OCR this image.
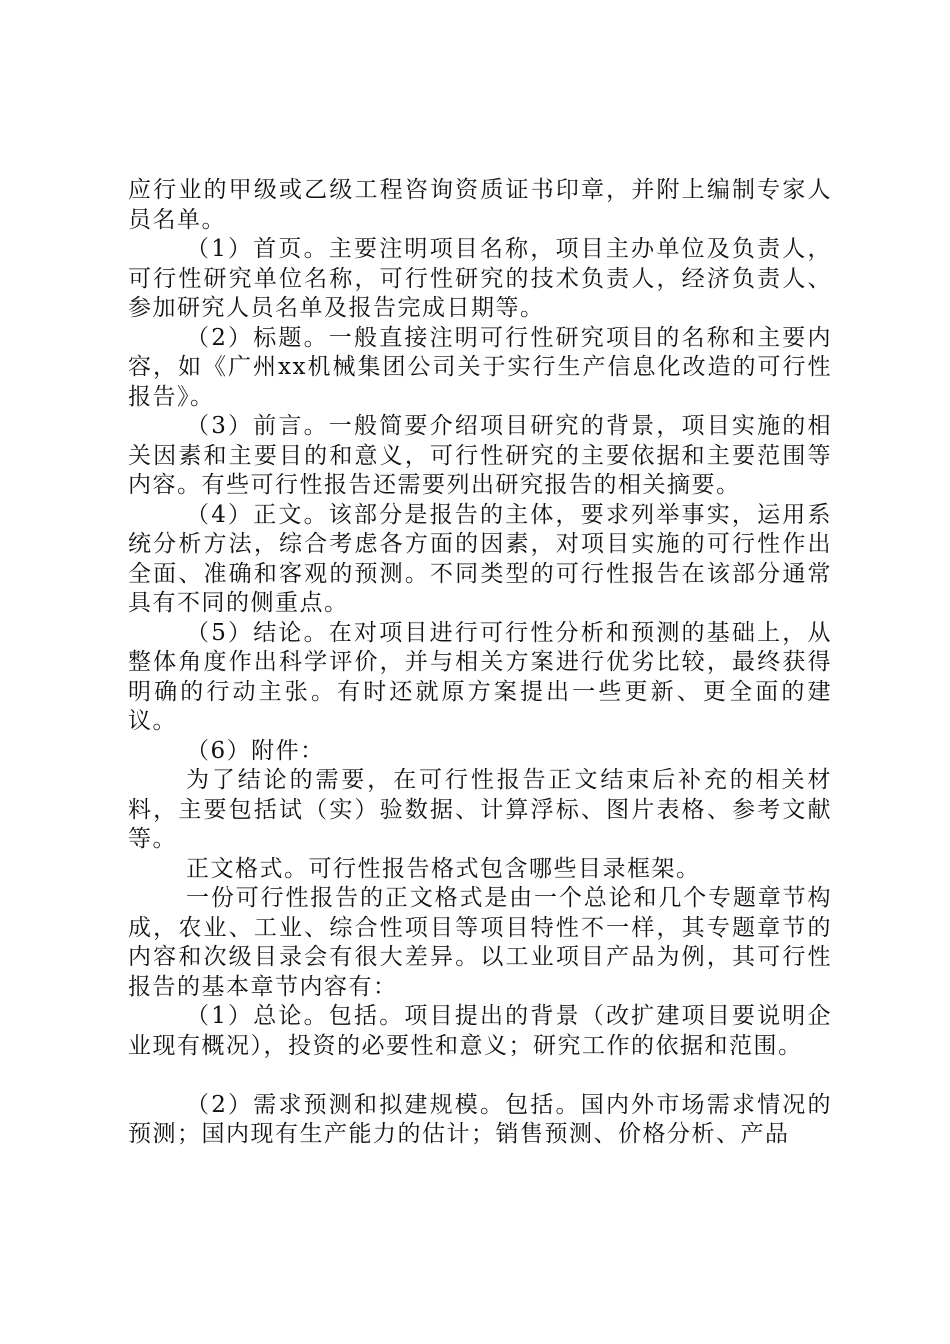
应行业的甲级或乙级工程咨询资质证书印章，并附上编制专家人员名单。

（1）首页。主要注明项目名称，项目主办单位及负责人，可行性研究单位名称，可行性研究的技术负责人，经济负责人、参加研究人员名单及报告完成日期等。

（2）标题。一般直接注明可行性研究项目的名称和主要内容，如《广州xx机械集团公司关于实行生产信息化改造的可行性报告》。

（3）前言。一般简要介绍项目研究的背景，项目实施的相关因素和主要目的和意义，可行性研究的主要依据和主要范围等内容。有些可行性报告还需要列出研究报告的相关摘要。

（4）正文。该部分是报告的主体，要求列举事实，运用系统分析方法，综合考虑各方面的因素，对项目实施的可行性作出全面、准确和客观的预测。不同类型的可行性报告在该部分通常具有不同的侧重点。

（5）结论。在对项目进行可行性分析和预测的基础上，从整体角度作出科学评价，并与相关方案进行优劣比较，最终获得明确的行动主张。有时还就原方案提出一些更新、更全面的建议。

（6）附件：

为了结论的需要，在可行性报告正文结束后补充的相关材料，主要包括试（实）验数据、计算浮标、图片表格、参考文献等。

正文格式。可行性报告格式包含哪些目录框架。

一份可行性报告的正文格式是由一个总论和几个专题章节构成，农业、工业、综合性项目等项目特性不一样，其专题章节的内容和次级目录会有很大差异。以工业项目产品为例，其可行性报告的基本章节内容有：

（1）总论。包括。项目提出的背景（改扩建项目要说明企业现有概况），投资的必要性和意义；研究工作的依据和范围。

（2）需求预测和拟建规模。包括。国内外市场需求情况的预测；国内现有生产能力的估计；销售预测、价格分析、产品
